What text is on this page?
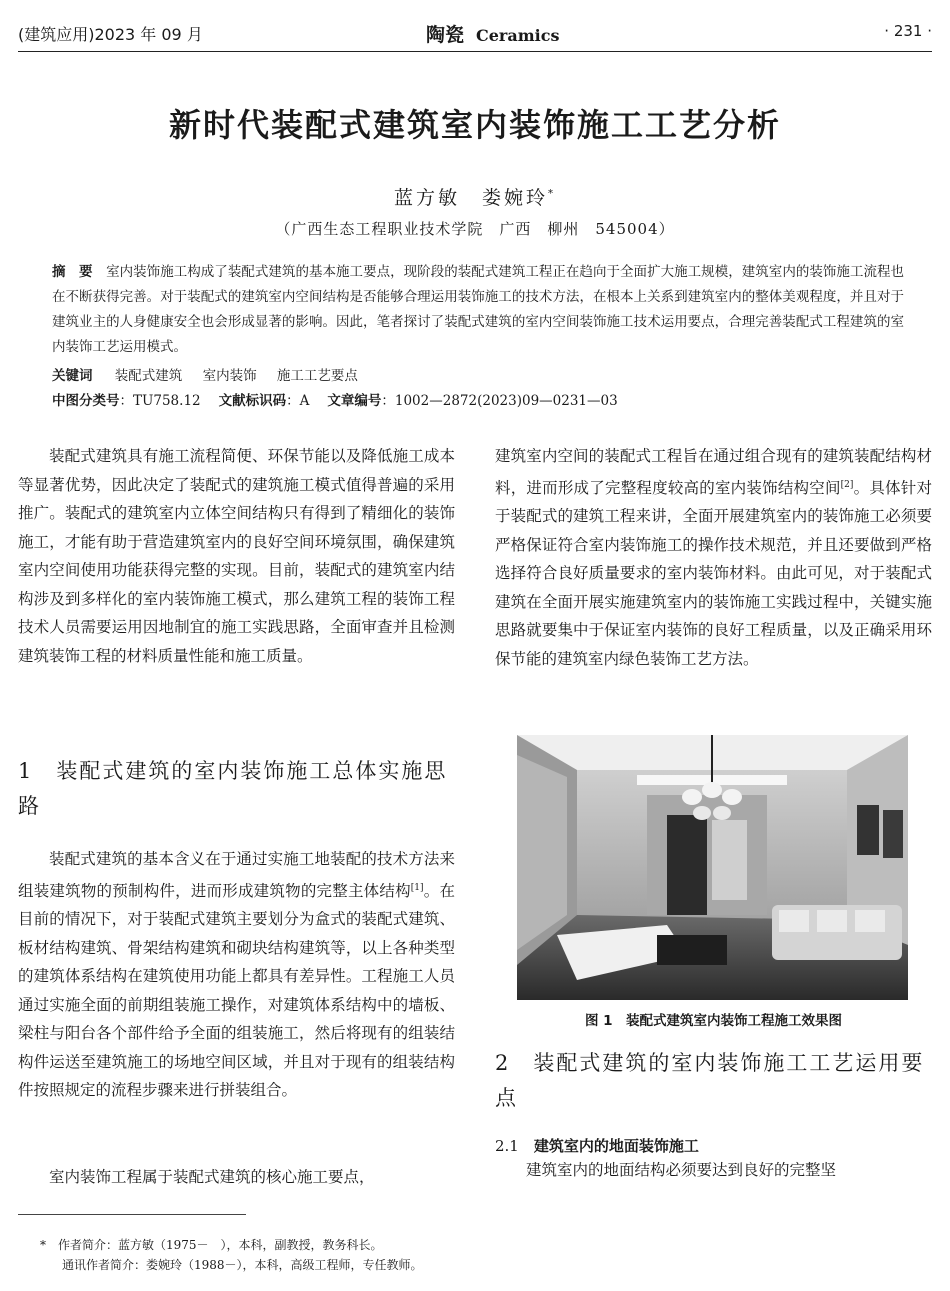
(建筑应用)2023 年 09 月	陶瓷 Ceramics	· 231 ·
新时代装配式建筑室内装饰施工工艺分析
蓝方敏　娄婉玲*
（广西生态工程职业技术学院　广西　柳州　545004）
摘　要　 室内装饰施工构成了装配式建筑的基本施工要点，现阶段的装配式建筑工程正在趋向于全面扩大施工规模，建筑室内的装饰施工流程也在不断获得完善。对于装配式的建筑室内空间结构是否能够合理运用装饰施工的技术方法，在根本上关系到建筑室内的整体美观程度，并且对于建筑业主的人身健康安全也会形成显著的影响。因此，笔者探讨了装配式建筑的室内空间装饰施工技术运用要点，合理完善装配式工程建筑的室内装饰工艺运用模式。
关键词 装配式建筑 室内装饰 施工工艺要点
中图分类号：TU758.12 文献标识码：A 文章编号：1002—2872(2023)09—0231—03

装配式建筑具有施工流程简便、环保节能以及降低施工成本等显著优势，因此决定了装配式的建筑施工模式值得普遍的采用推广。装配式的建筑室内立体空间结构只有得到了精细化的装饰施工，才能有助于营造建筑室内的良好空间环境氛围，确保建筑室内空间使用功能获得完整的实现。目前，装配式的建筑室内结构涉及到多样化的室内装饰施工模式，那么建筑工程的装饰工程技术人员需要运用因地制宜的施工实践思路，全面审查并且检测建筑装饰工程的材料质量性能和施工质量。

1　装配式建筑的室内装饰施工总体实施思路

装配式建筑的基本含义在于通过实施工地装配的技术方法来组装建筑物的预制构件，进而形成建筑物的完整主体结构[1]。在目前的情况下，对于装配式建筑主要划分为盒式的装配式建筑、板材结构建筑、骨架结构建筑和砌块结构建筑等，以上各种类型的建筑体系结构在建筑使用功能上都具有差异性。工程施工人员通过实施全面的前期组装施工操作，对建筑体系结构中的墙板、梁柱与阳台各个部件给予全面的组装施工，然后将现有的组装结构件运送至建筑施工的场地空间区域，并且对于现有的组装结构件按照规定的流程步骤来进行拼装组合。

室内装饰工程属于装配式建筑的核心施工要点，

建筑室内空间的装配式工程旨在通过组合现有的建筑装配结构材料，进而形成了完整程度较高的室内装饰结构空间[2]。具体针对于装配式的建筑工程来讲，全面开展建筑室内的装饰施工必须要严格保证符合室内装饰施工的操作技术规范，并且还要做到严格选择符合良好质量要求的室内装饰材料。由此可见，对于装配式建筑在全面开展实施建筑室内的装饰施工实践过程中，关键实施思路就要集中于保证室内装饰的良好工程质量，以及正确采用环保节能的建筑室内绿色装饰工艺方法。

图 1　 装配式建筑室内装饰工程施工效果图
2　装配式建筑的室内装饰施工工艺运用要点
2.1　 建筑室内的地面装饰施工

建筑室内的地面结构必须要达到良好的完整坚

*　作者简介：蓝方敏（1975－　），本科，副教授，教务科长。
通讯作者简介：娄婉玲（1988－），本科，高级工程师，专任教师。
